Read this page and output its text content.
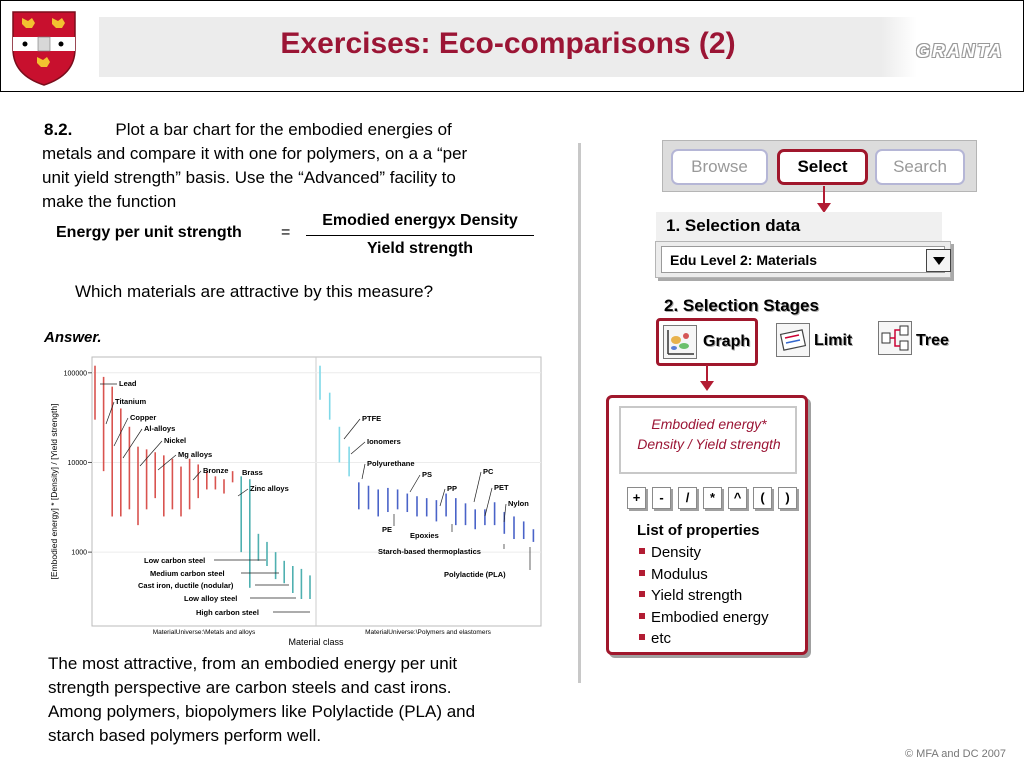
Exercises: Eco-comparisons (2)	GRANTA
8.2.	Plot a bar chart for the embodied energies of
metals and compare it with one for polymers, on a a “per
unit yield strength” basis. Use the “Advanced” facility to
make the function
Energy per unit strength =
Emodied energyx Density
Yield strength
Which materials are attractive by this measure?
Answer.
100000
10000
1000
[Embodied energy] * [Density] / [Yield strength]
MaterialUniverse:\Metals and alloys	MaterialUniverse:\Polymers and elastomers
Material class
Lead
Titanium
Copper
Al-alloys
Nickel
Mg alloys
Bronze Brass
Zinc alloys
Low carbon steel
Medium carbon steel
Cast iron, ductile (nodular)
Low alloy steel
High carbon steel
PTFE
Ionomers
Polyurethane
PS	PC
PP	PET
Nylon
PE
Epoxies
Starch-based thermoplastics
Polylactide (PLA)
The most attractive, from an embodied energy per unit
strength perspective are carbon steels and cast irons.
Among polymers, biopolymers like Polylactide (PLA) and
starch based polymers perform well.
Browse	Select	Search
1. Selection data
Edu Level 2: Materials
2. Selection Stages
Graph	Limit	Tree
Embodied energy*
Density / Yield strength
+	-	/	*	^	(	)
List of properties
Density
Modulus
Yield strength
Embodied energy
etc
© MFA and DC 2007
